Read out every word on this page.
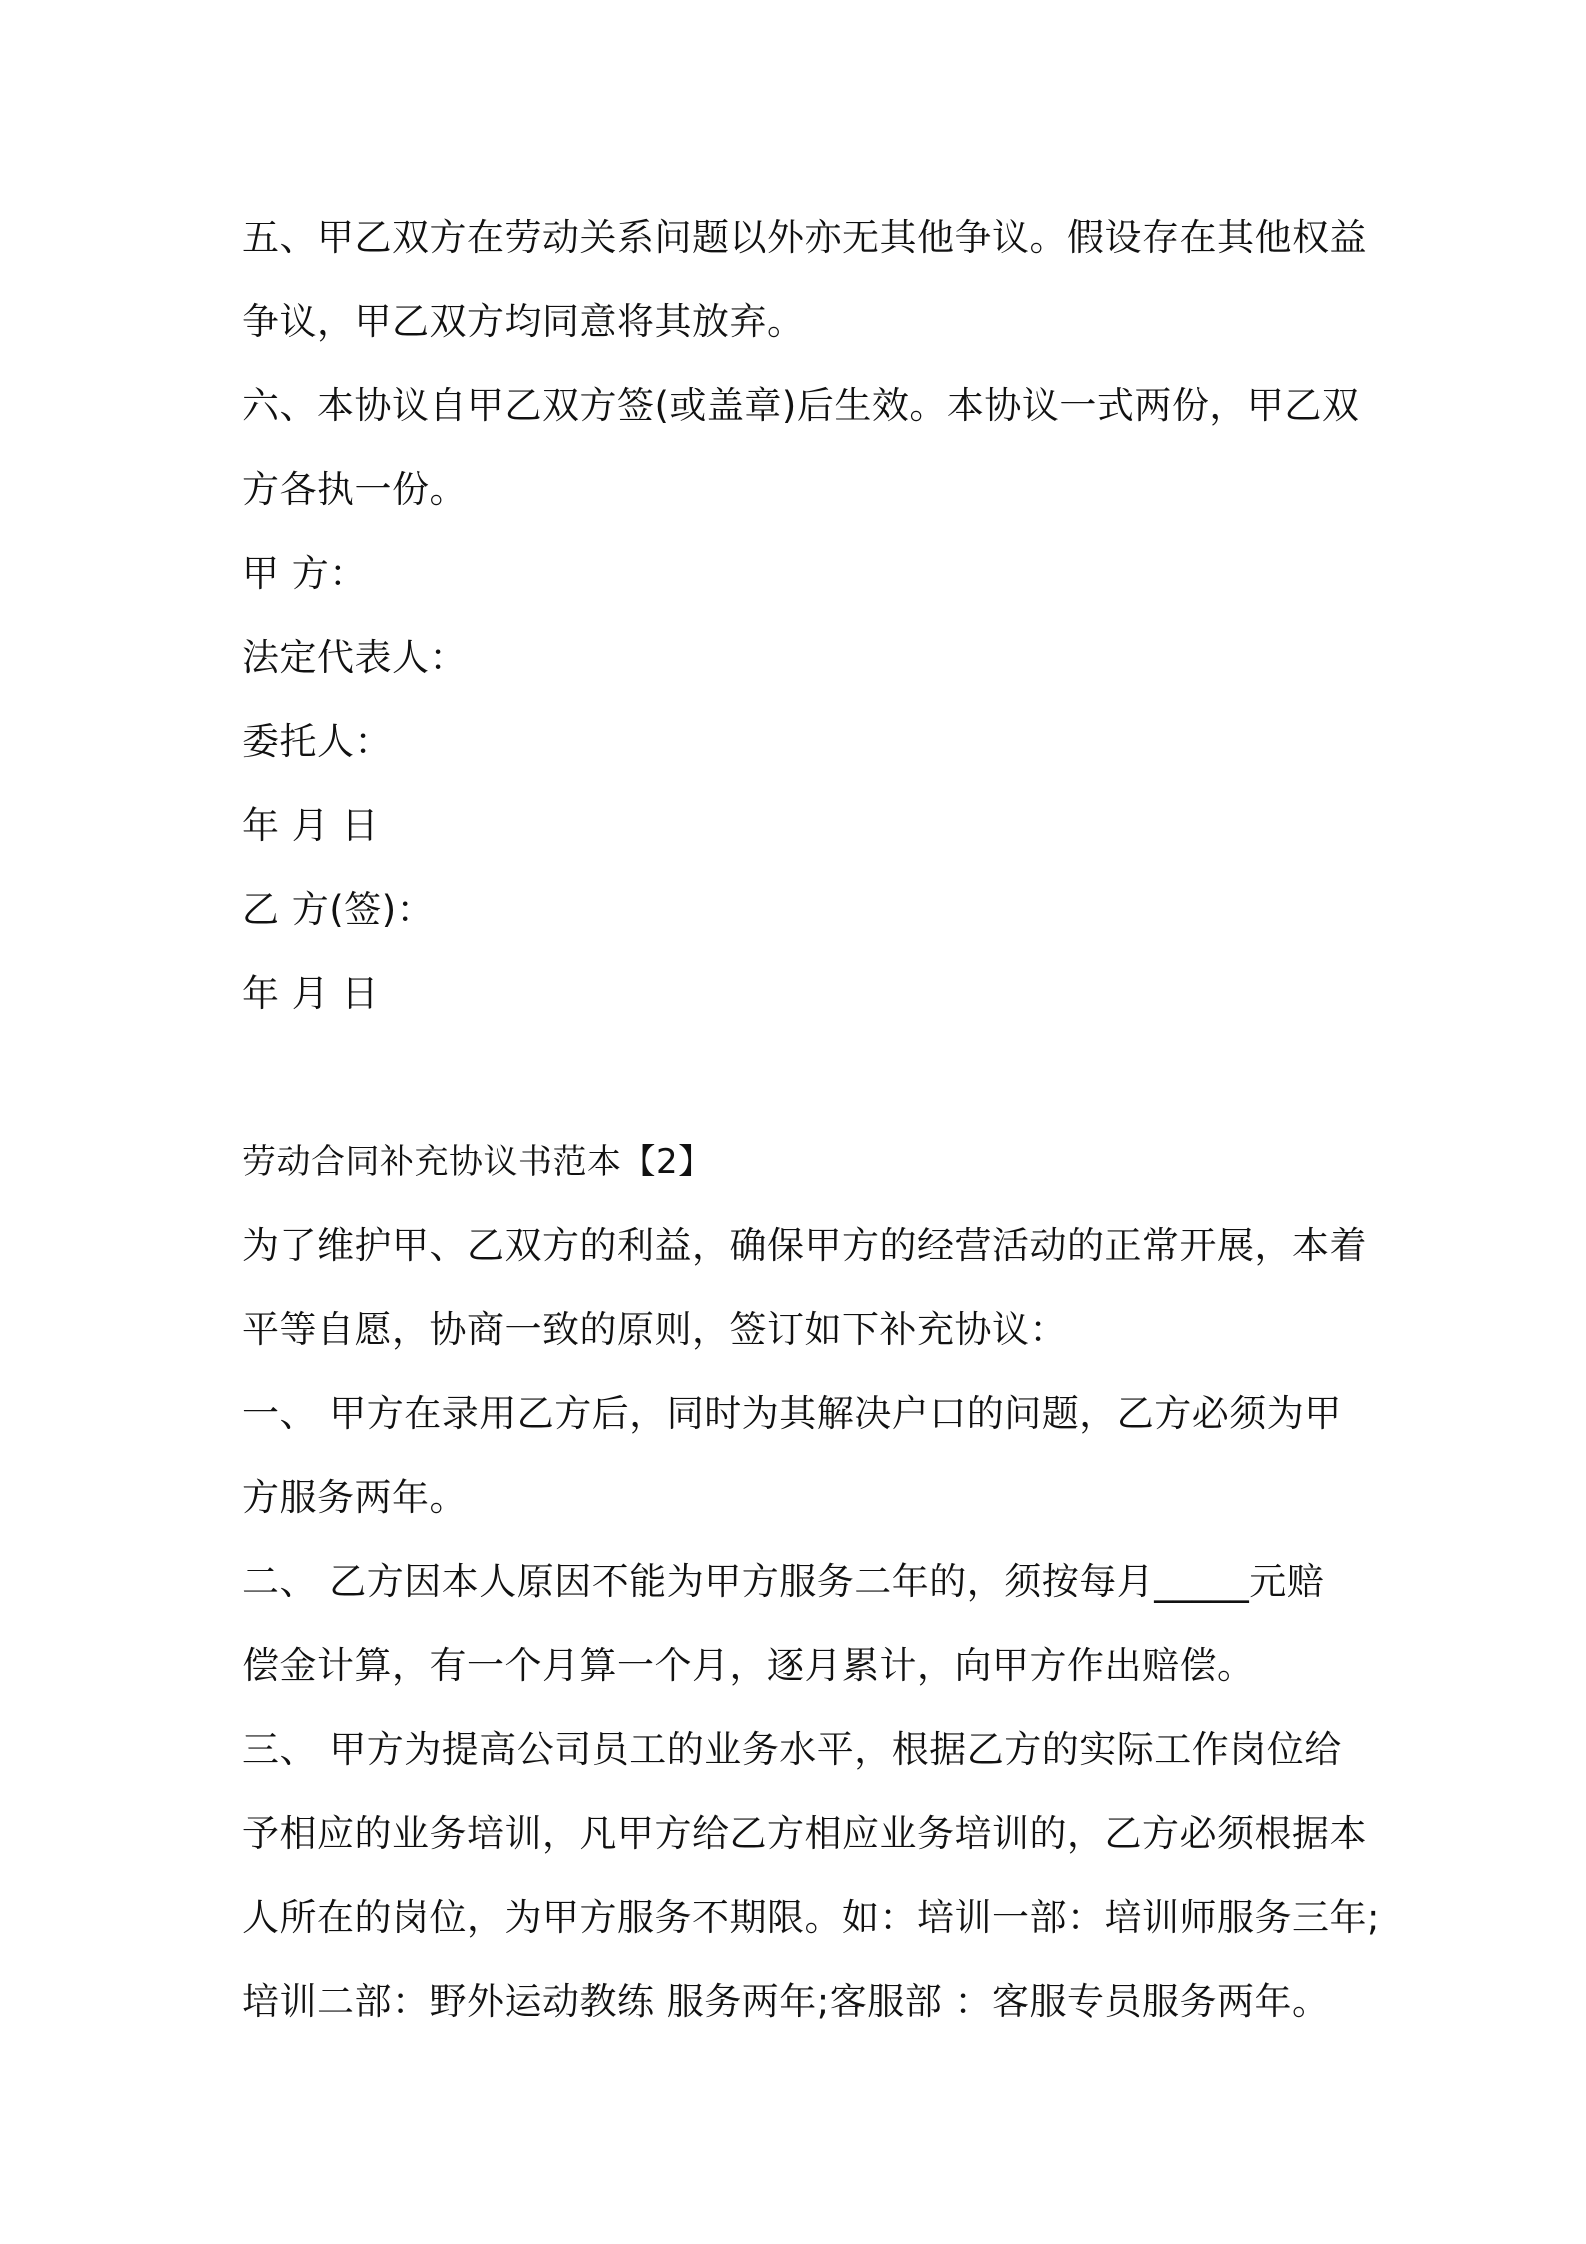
五、甲乙双方在劳动关系问题以外亦无其他争议。假设存在其他权益
争议，甲乙双方均同意将其放弃。
六、本协议自甲乙双方签(或盖章)后生效。本协议一式两份，甲乙双
方各执一份。
甲 方：
法定代表人：
委托人：
年 月 日
乙 方(签)：
年 月 日
劳动合同补充协议书范本【2】
为了维护甲、乙双方的利益，确保甲方的经营活动的正常开展，本着
平等自愿，协商一致的原则，签订如下补充协议：
一、 甲方在录用乙方后，同时为其解决户口的问题，乙方必须为甲
方服务两年。
二、 乙方因本人原因不能为甲方服务二年的，须按每月_____元赔
偿金计算，有一个月算一个月，逐月累计，向甲方作出赔偿。
三、 甲方为提高公司员工的业务水平，根据乙方的实际工作岗位给
予相应的业务培训，凡甲方给乙方相应业务培训的，乙方必须根据本
人所在的岗位，为甲方服务不期限。如：培训一部：培训师服务三年;
培训二部：野外运动教练 服务两年;客服部 ：客服专员服务两年。
